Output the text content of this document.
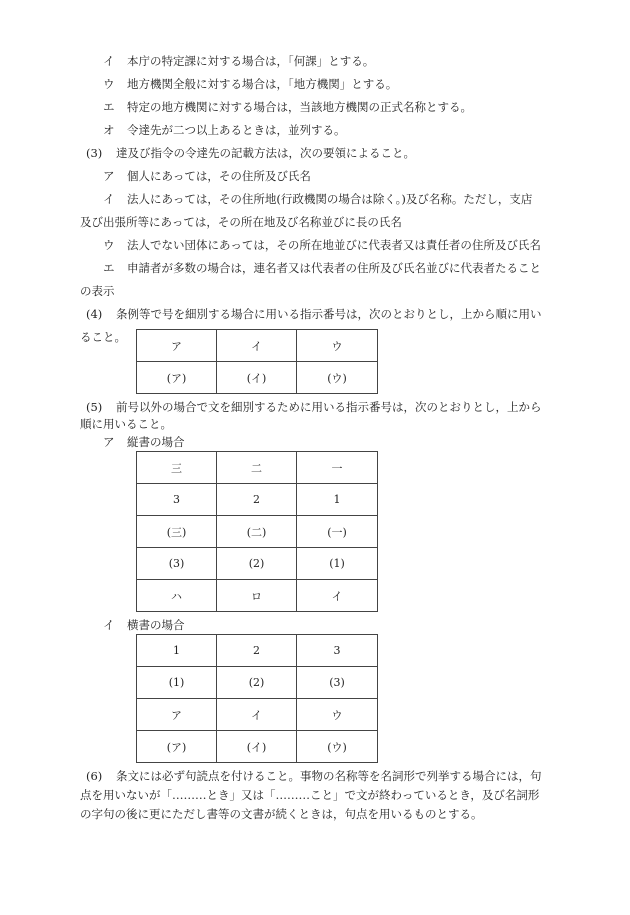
イ 本庁の特定課に対する場合は，「何課」とする。
ウ 地方機関全般に対する場合は，「地方機関」とする。
エ 特定の地方機関に対する場合は，当該地方機関の正式名称とする。
オ 令達先が二つ以上あるときは，並列する。
(3) 達及び指令の令達先の記載方法は，次の要領によること。
ア 個人にあっては，その住所及び氏名
イ 法人にあっては，その住所地(行政機関の場合は除く。)及び名称。ただし，支店
及び出張所等にあっては，その所在地及び名称並びに長の氏名
ウ 法人でない団体にあっては，その所在地並びに代表者又は責任者の住所及び氏名
エ 申請者が多数の場合は，連名者又は代表者の住所及び氏名並びに代表者たること
の表示
(4) 条例等で号を細別する場合に用いる指示番号は，次のとおりとし，上から順に用い
ること。
ア	イ	ウ
(ア)	(イ)	(ウ)
(5) 前号以外の場合で文を細別するために用いる指示番号は，次のとおりとし，上から
順に用いること。
ア 縦書の場合
三	二	一
3	2	1
(三)	(二)	(一)
(3)	(2)	(1)
ハ	ロ	イ
イ 横書の場合
1	2	3
(1)	(2)	(3)
ア	イ	ウ
(ア)	(イ)	(ウ)
(6) 条文には必ず句読点を付けること。事物の名称等を名詞形で列挙する場合には，句
点を用いないが「………とき」又は「………こと」で文が終わっているとき，及び名詞形
の字句の後に更にただし書等の文書が続くときは，句点を用いるものとする。
